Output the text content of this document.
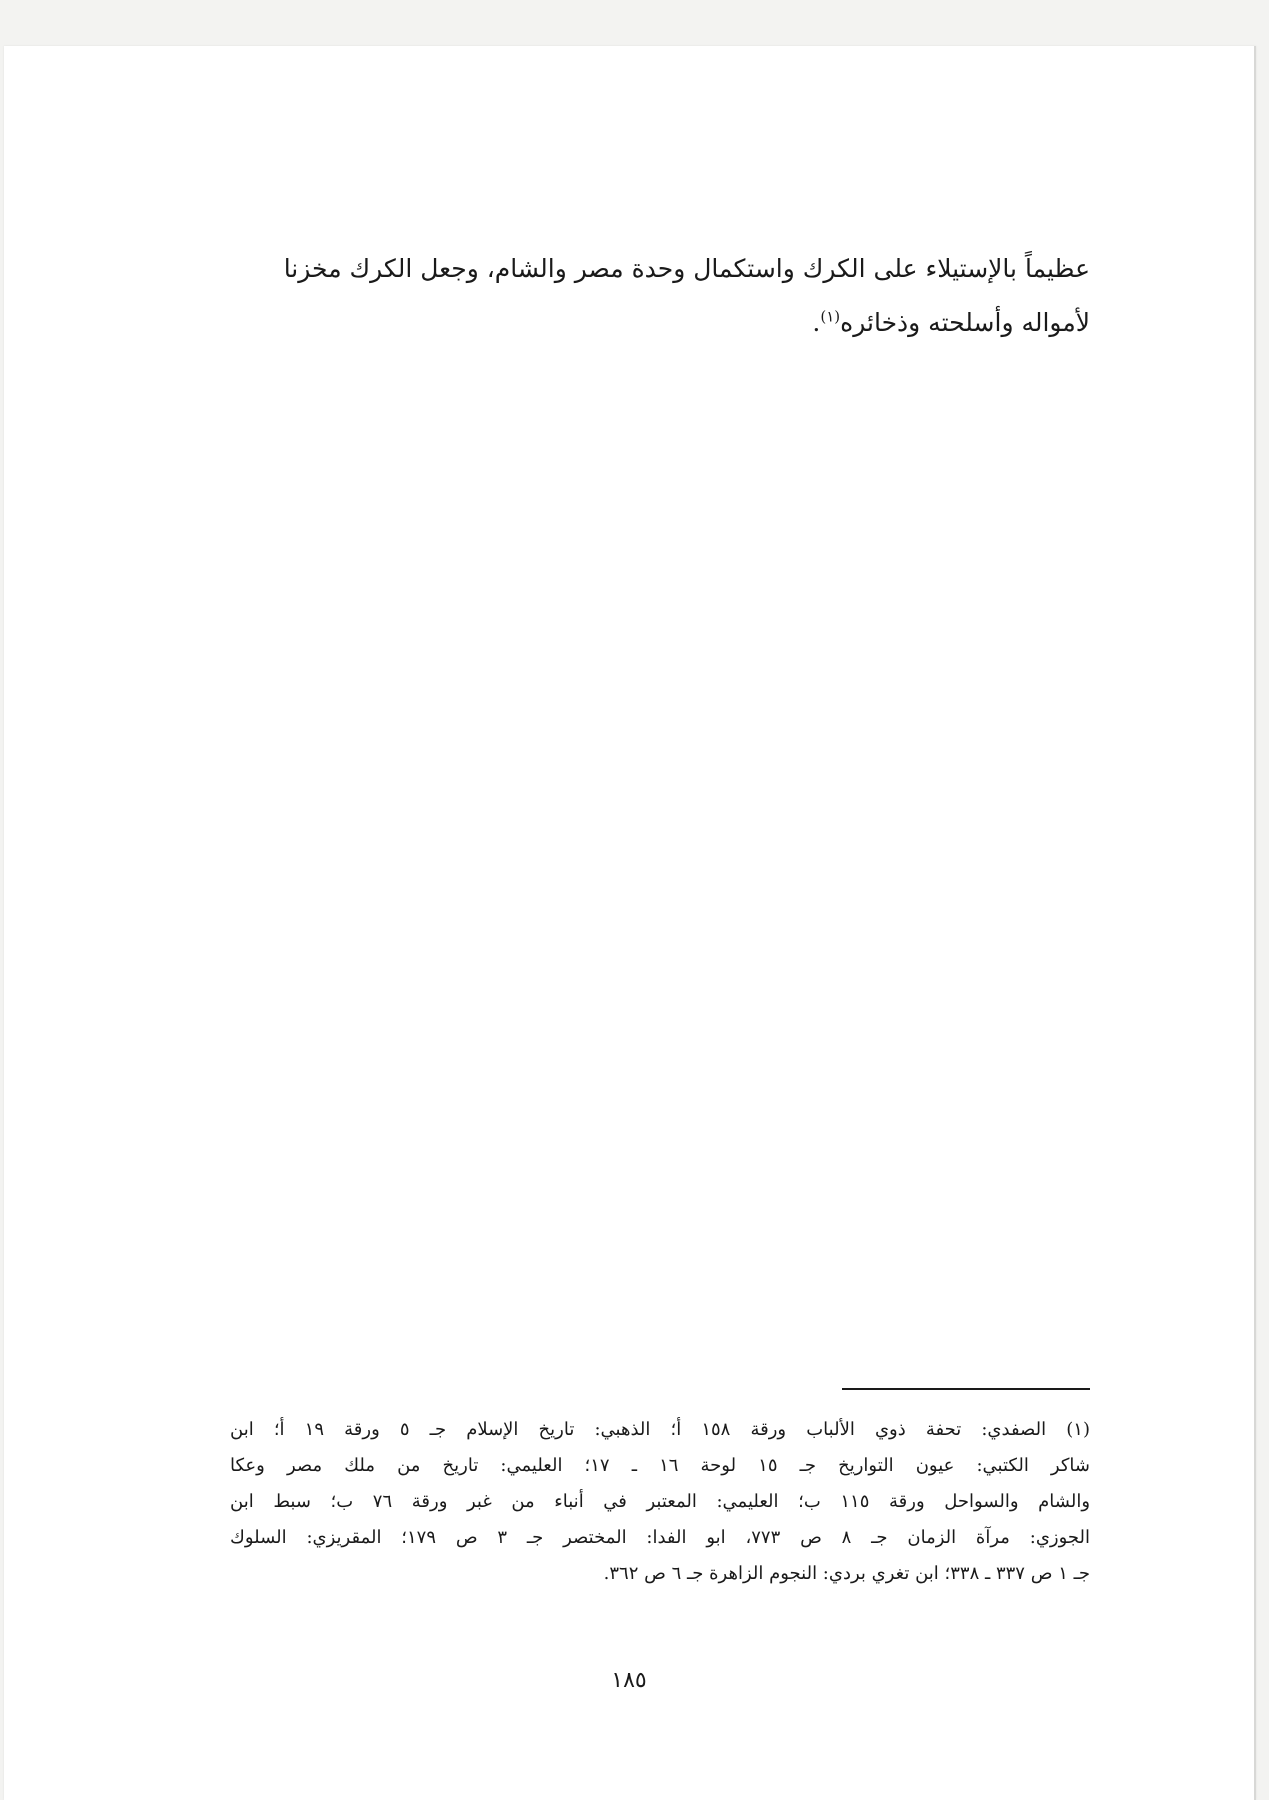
عظيماً بالإستيلاء على الكرك واستكمال وحدة مصر والشام، وجعل الكرك مخزنا

لأمواله وأسلحته وذخائره$^{(١)}$.

(١) الصفدي: تحفة ذوي الألباب ورقة ١٥٨ أ؛ الذهبي: تاريخ الإسلام جـ ٥ ورقة ١٩ أ؛ ابن
شاكر الكتبي: عيون التواريخ جـ ١٥ لوحة ١٦ ـ ١٧؛ العليمي: تاريخ من ملك مصر وعكا
والشام والسواحل ورقة ١١٥ ب؛ العليمي: المعتبر في أنباء من غبر ورقة ٧٦ ب؛ سبط ابن
الجوزي: مرآة الزمان جـ ٨ ص ٧٧٣، ابو الفدا: المختصر جـ ٣ ص ١٧٩؛ المقريزي: السلوك
جـ ١ ص ٣٣٧ ـ ٣٣٨؛ ابن تغري بردي: النجوم الزاهرة جـ ٦ ص ٣٦٢.
١٨٥
